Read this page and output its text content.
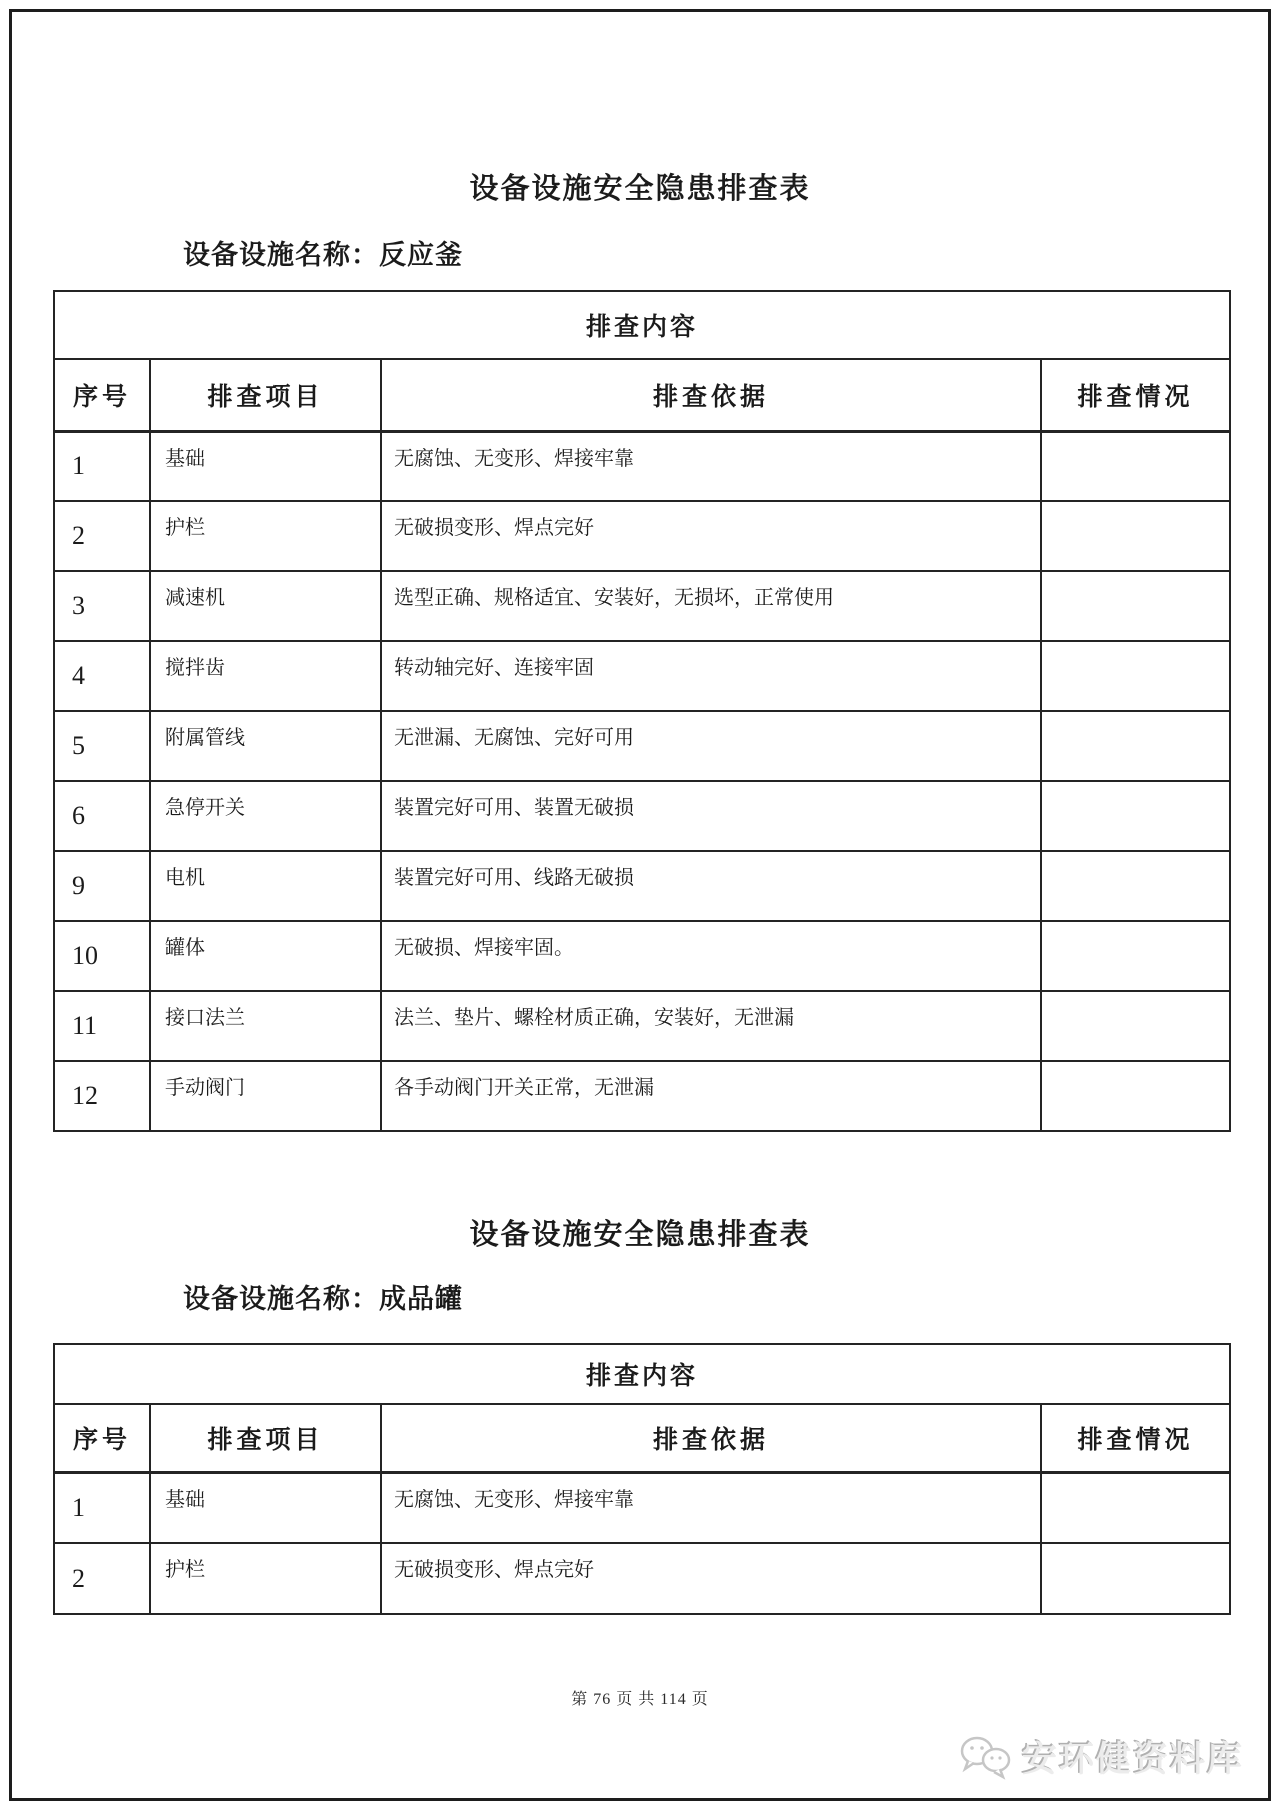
设备设施安全隐患排查表
设备设施名称：反应釜
排查内容			
序号	排查项目	排查依据	排查情况
1	基础	无腐蚀、无变形、焊接牢靠	
2	护栏	无破损变形、焊点完好	
3	减速机	选型正确、规格适宜、安装好，无损坏，正常使用	
4	搅拌齿	转动轴完好、连接牢固	
5	附属管线	无泄漏、无腐蚀、完好可用	
6	急停开关	装置完好可用、装置无破损	
9	电机	装置完好可用、线路无破损	
10	罐体	无破损、焊接牢固。	
11	接口法兰	法兰、垫片、螺栓材质正确，安装好，无泄漏	
12	手动阀门	各手动阀门开关正常，无泄漏	
设备设施安全隐患排查表
设备设施名称：成品罐
排查内容			
序号	排查项目	排查依据	排查情况
1	基础	无腐蚀、无变形、焊接牢靠	
2	护栏	无破损变形、焊点完好	
第 76 页 共 114 页
安环健资料库
